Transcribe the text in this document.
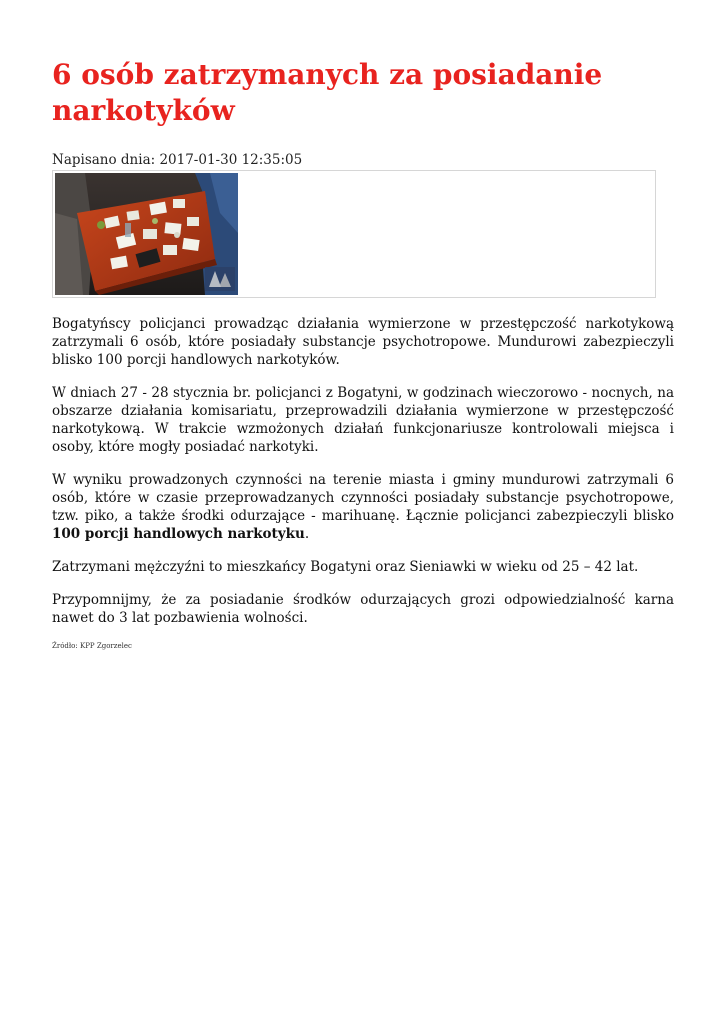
6 osób zatrzymanych za posiadanie narkotyków
Napisano dnia: 2017-01-30 12:35:05

Bogatyńscy policjanci prowadząc działania wymierzone w przestępczość narkotykową zatrzymali 6 osób, które posiadały substancje psychotropowe. Mundurowi zabezpieczyli blisko 100 porcji handlowych narkotyków.

W dniach 27 - 28 stycznia br. policjanci z Bogatyni, w godzinach wieczorowo - nocnych, na obszarze działania komisariatu, przeprowadzili działania wymierzone w przestępczość narkotykową. W trakcie wzmożonych działań funkcjonariusze kontrolowali miejsca i osoby, które mogły posiadać narkotyki.

W wyniku prowadzonych czynności na terenie miasta i gminy mundurowi zatrzymali 6 osób, które w czasie przeprowadzanych czynności posiadały substancje psychotropowe, tzw. piko, a także środki odurzające - marihuanę. Łącznie policjanci zabezpieczyli blisko 100 porcji handlowych narkotyku.

Zatrzymani mężczyźni to mieszkańcy Bogatyni oraz Sieniawki w wieku od 25 – 42 lat.

Przypomnijmy, że za posiadanie środków odurzających grozi odpowiedzialność karna nawet do 3 lat pozbawienia wolności.

Źródło: KPP Zgorzelec
